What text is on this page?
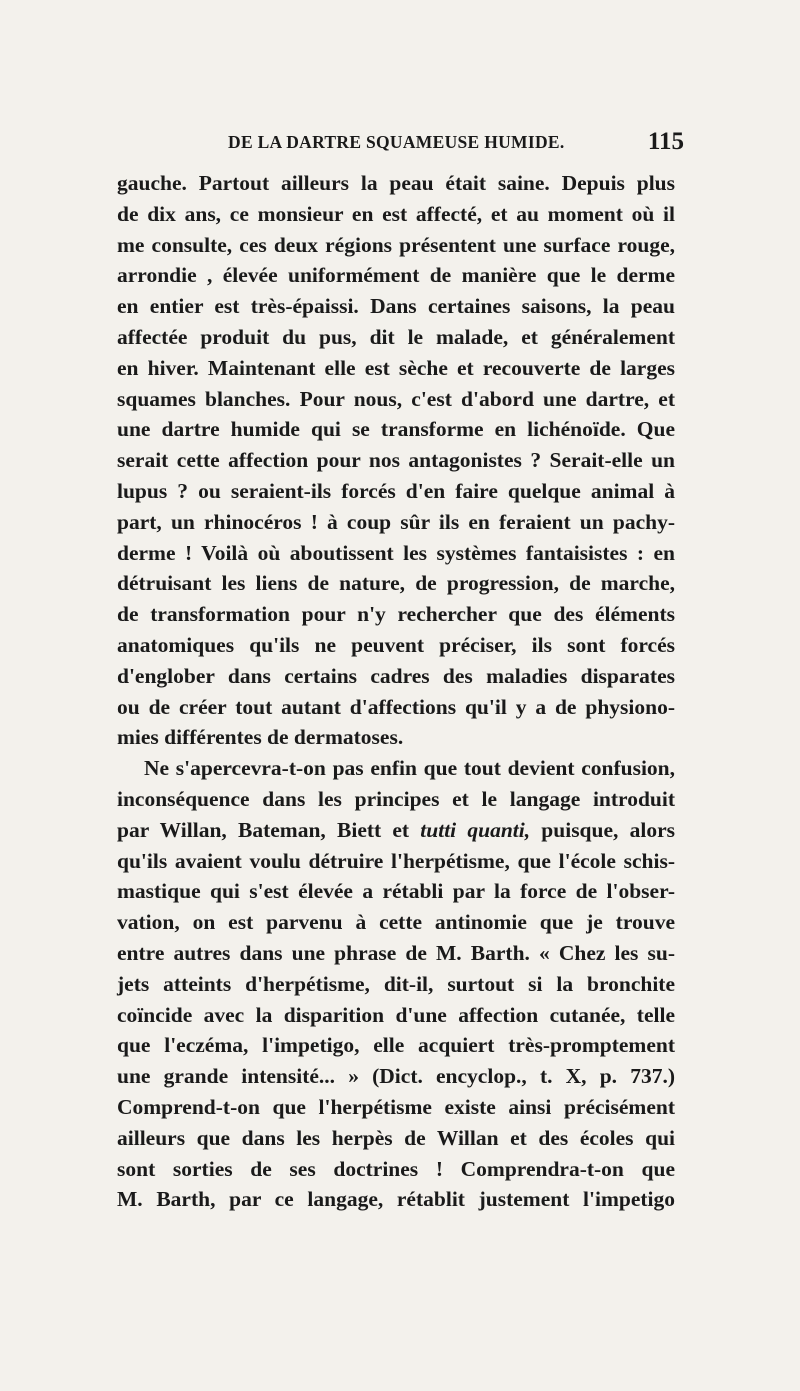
DE LA DARTRE SQUAMEUSE HUMIDE.	115
gauche. Partout ailleurs la peau était saine. Depuis plus
de dix ans, ce monsieur en est affecté, et au moment où il
me consulte, ces deux régions présentent une surface rouge,
arrondie , élevée uniformément de manière que le derme
en entier est très-épaissi. Dans certaines saisons, la peau
affectée produit du pus, dit le malade, et généralement
en hiver. Maintenant elle est sèche et recouverte de larges
squames blanches. Pour nous, c'est d'abord une dartre, et
une dartre humide qui se transforme en lichénoïde. Que
serait cette affection pour nos antagonistes ? Serait-elle un
lupus ? ou seraient-ils forcés d'en faire quelque animal à
part, un rhinocéros ! à coup sûr ils en feraient un pachy-
derme ! Voilà où aboutissent les systèmes fantaisistes : en
détruisant les liens de nature, de progression, de marche,
de transformation pour n'y rechercher que des éléments
anatomiques qu'ils ne peuvent préciser, ils sont forcés
d'englober dans certains cadres des maladies disparates
ou de créer tout autant d'affections qu'il y a de physiono-
mies différentes de dermatoses.
Ne s'apercevra-t-on pas enfin que tout devient confusion,
inconséquence dans les principes et le langage introduit
par Willan, Bateman, Biett et tutti quanti, puisque, alors
qu'ils avaient voulu détruire l'herpétisme, que l'école schis-
mastique qui s'est élevée a rétabli par la force de l'obser-
vation, on est parvenu à cette antinomie que je trouve
entre autres dans une phrase de M. Barth. « Chez les su-
jets atteints d'herpétisme, dit-il, surtout si la bronchite
coïncide avec la disparition d'une affection cutanée, telle
que l'eczéma, l'impetigo, elle acquiert très-promptement
une grande intensité... » (Dict. encyclop., t. X, p. 737.)
Comprend-t-on que l'herpétisme existe ainsi précisément
ailleurs que dans les herpès de Willan et des écoles qui
sont sorties de ses doctrines ! Comprendra-t-on que
M. Barth, par ce langage, rétablit justement l'impetigo
